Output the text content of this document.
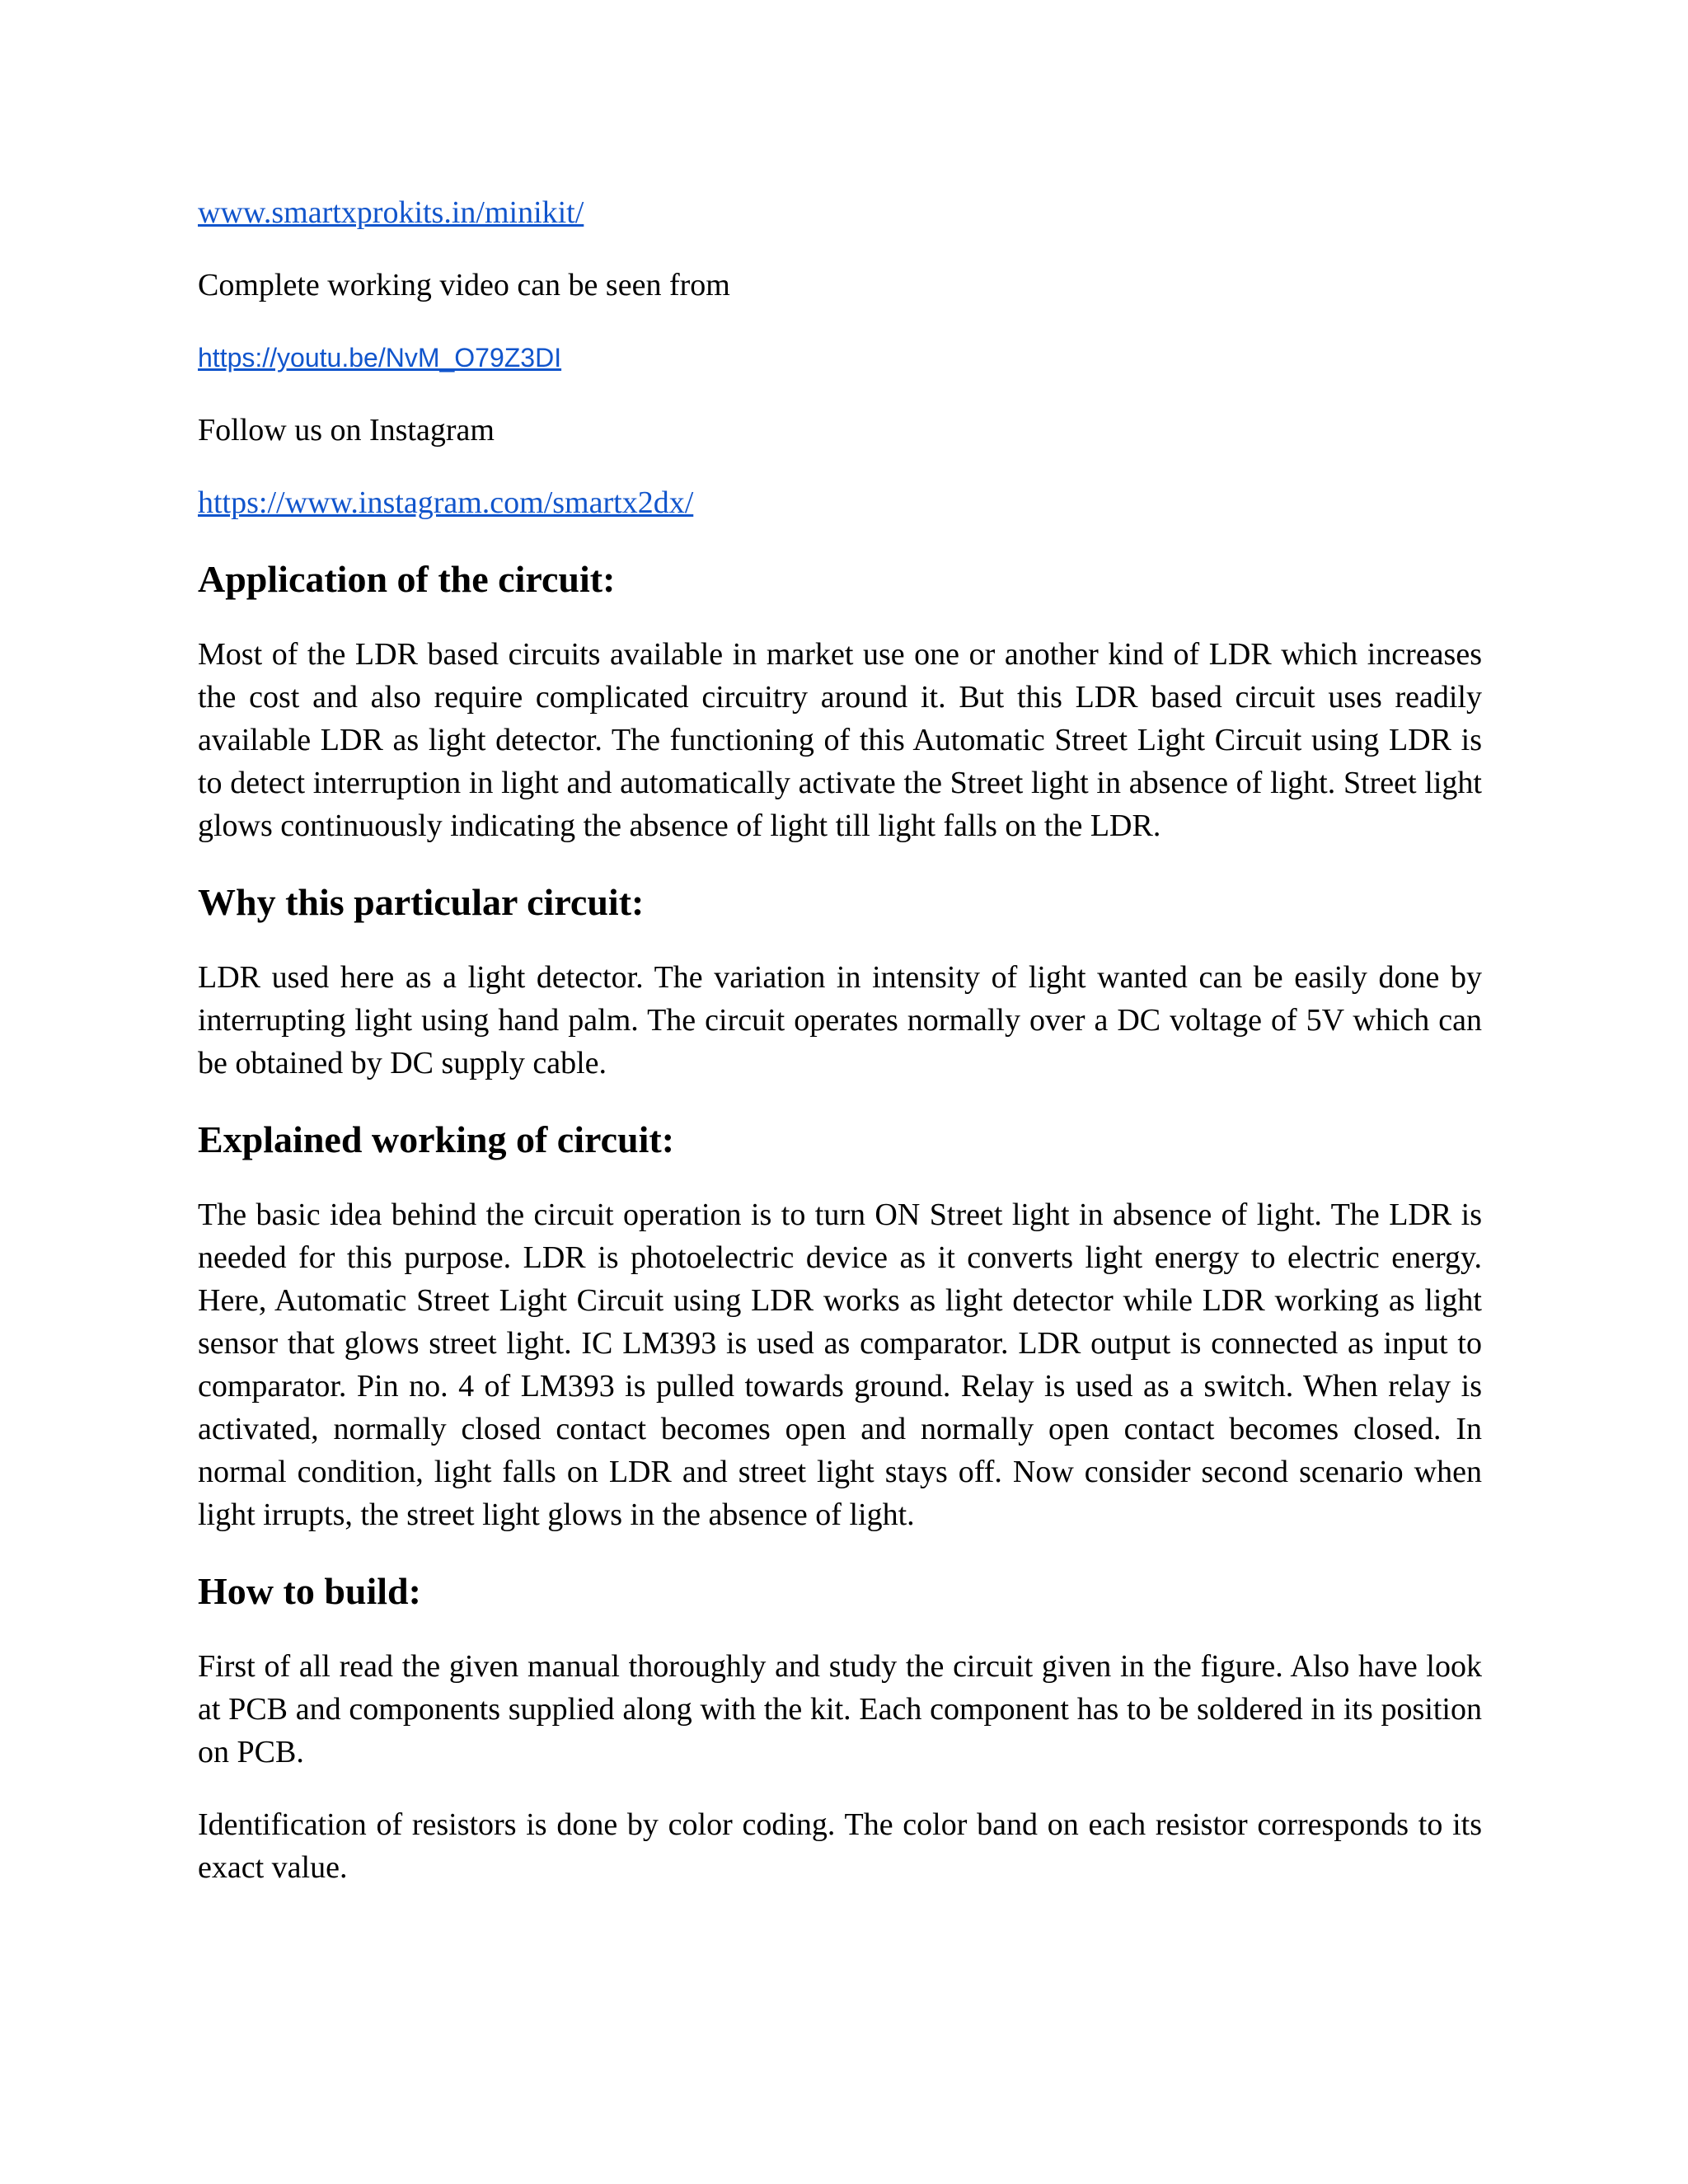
www.smartxprokits.in/minikit/

Complete working video can be seen from

https://youtu.be/NvM_O79Z3DI

Follow us on Instagram

https://www.instagram.com/smartx2dx/
Application of the circuit:

Most of the LDR based circuits available in market use one or another kind of LDR which increases the cost and also require complicated circuitry around it. But this LDR based circuit uses readily available LDR as light detector. The functioning of this Automatic Street Light Circuit using LDR is to detect interruption in light and automatically activate the Street light in absence of light. Street light glows continuously indicating the absence of light till light falls on the LDR.

Why this particular circuit:

LDR used here as a light detector. The variation in intensity of light wanted can be easily done by interrupting light using hand palm. The circuit operates normally over a DC voltage of 5V which can be obtained by DC supply cable.

Explained working of circuit:

The basic idea behind the circuit operation is to turn ON Street light in absence of light. The LDR is needed for this purpose. LDR is photoelectric device as it converts light energy to electric energy. Here, Automatic Street Light Circuit using LDR works as light detector while LDR working as light sensor that glows street light. IC LM393 is used as comparator. LDR output is connected as input to comparator. Pin no. 4 of LM393 is pulled towards ground. Relay is used as a switch. When relay is activated, normally closed contact becomes open and normally open contact becomes closed. In normal condition, light falls on LDR and street light stays off. Now consider second scenario when light irrupts, the street light glows in the absence of light.

How to build:

First of all read the given manual thoroughly and study the circuit given in the figure. Also have look at PCB and components supplied along with the kit. Each component has to be soldered in its position on PCB.

Identification of resistors is done by color coding. The color band on each resistor corresponds to its exact value.
